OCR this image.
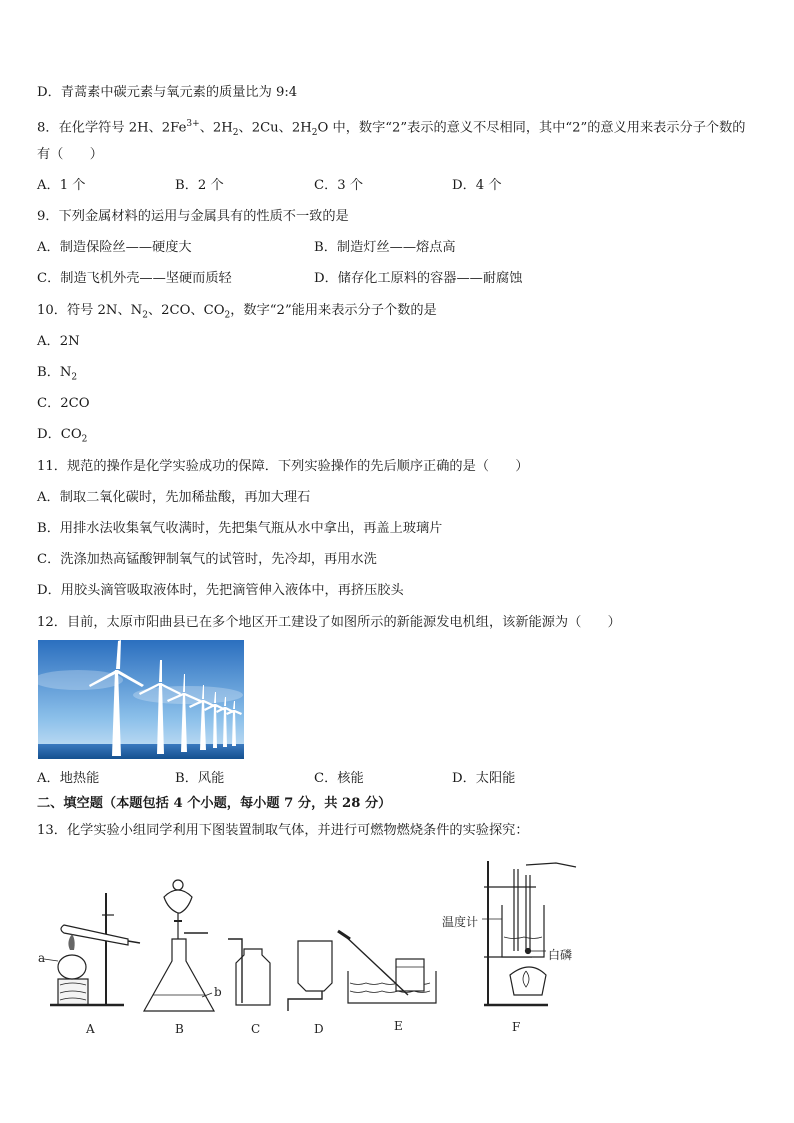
D．青蒿素中碳元素与氧元素的质量比为 9:4
8．在化学符号 2H、$2Fe^{3+}$、$2H_2$、2Cu、$2H_2O$ 中，数字“2”表示的意义不尽相同，其中“2”的意义用来表示分子个数的
有（　　）
A．1 个	B．2 个	C．3 个	D．4 个
9．下列金属材料的运用与金属具有的性质不一致的是
A．制造保险丝——硬度大	B．制造灯丝——熔点高
C．制造飞机外壳——坚硬而质轻	D．储存化工原料的容器——耐腐蚀
10．符号 2N、$N_2$、2CO、$CO_2$，数字“2”能用来表示分子个数的是
A．2N
B．$N_2$
C．2CO
D．$CO_2$
11．规范的操作是化学实验成功的保障．下列实验操作的先后顺序正确的是（　　）
A．制取二氧化碳时，先加稀盐酸，再加大理石
B．用排水法收集氧气收满时，先把集气瓶从水中拿出，再盖上玻璃片
C．洗涤加热高锰酸钾制氧气的试管时，先冷却，再用水洗
D．用胶头滴管吸取液体时，先把滴管伸入液体中，再挤压胶头
12．目前，太原市阳曲县已在多个地区开工建设了如图所示的新能源发电机组，该新能源为（　　）
A．地热能	B．风能	C．核能	D．太阳能
二、填空题（本题包括 4 个小题，每小题 7 分，共 28 分）
13．化学实验小组同学利用下图装置制取气体，并进行可燃物燃烧条件的实验探究：
a
A
b
B	C	D	E
温度计
白磷
F
